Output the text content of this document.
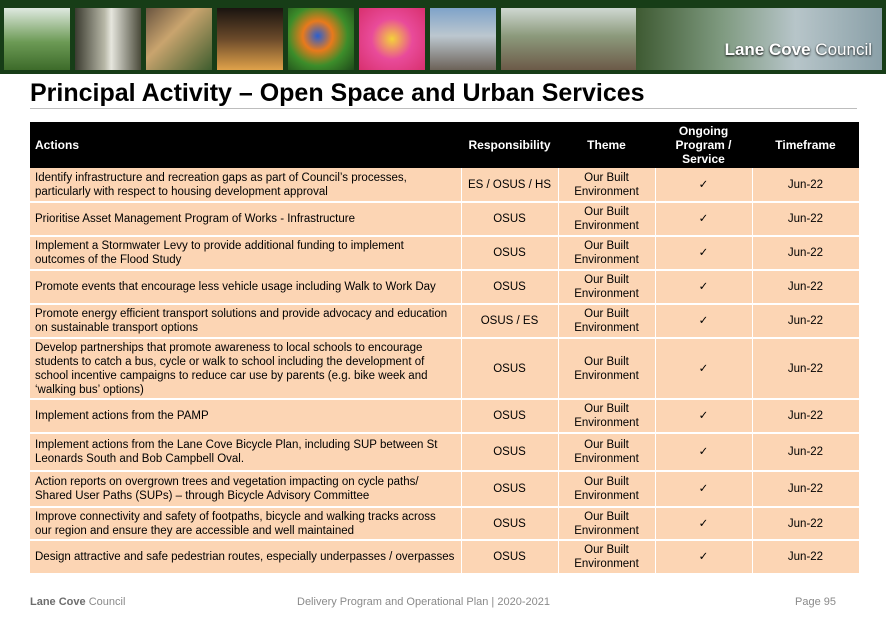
Lane Cove Council
Principal Activity – Open Space and Urban Services
Actions	Responsibility	Theme	Ongoing Program / Service	Timeframe
Identify infrastructure and recreation gaps as part of Council’s processes, particularly with respect to housing development approval	ES / OSUS / HS	Our Built Environment	✓	Jun-22
Prioritise Asset Management Program of Works - Infrastructure	OSUS	Our Built Environment	✓	Jun-22
Implement a Stormwater Levy to provide additional funding to implement outcomes of the Flood Study	OSUS	Our Built Environment	✓	Jun-22
Promote events that encourage less vehicle usage including Walk to Work Day	OSUS	Our Built Environment	✓	Jun-22
Promote energy efficient transport solutions and provide advocacy and education on sustainable transport options	OSUS / ES	Our Built Environment	✓	Jun-22
Develop partnerships that promote awareness to local schools to encourage students to catch a bus, cycle or walk to school including the development of school incentive campaigns to reduce car use by parents (e.g. bike week and ‘walking bus’ options)	OSUS	Our Built Environment	✓	Jun-22
Implement actions from the PAMP	OSUS	Our Built Environment	✓	Jun-22
Implement actions from the Lane Cove Bicycle Plan, including SUP between St Leonards South and Bob Campbell Oval.	OSUS	Our Built Environment	✓	Jun-22
Action reports on overgrown trees and vegetation impacting on cycle paths/ Shared User Paths (SUPs) – through Bicycle Advisory Committee	OSUS	Our Built Environment	✓	Jun-22
Improve connectivity and safety of footpaths, bicycle and walking tracks across our region and ensure they are accessible and well maintained	OSUS	Our Built Environment	✓	Jun-22
Design attractive and safe pedestrian routes, especially underpasses / overpasses	OSUS	Our Built Environment	✓	Jun-22
Lane Cove Council	Delivery Program and Operational Plan | 2020-2021	Page 95
